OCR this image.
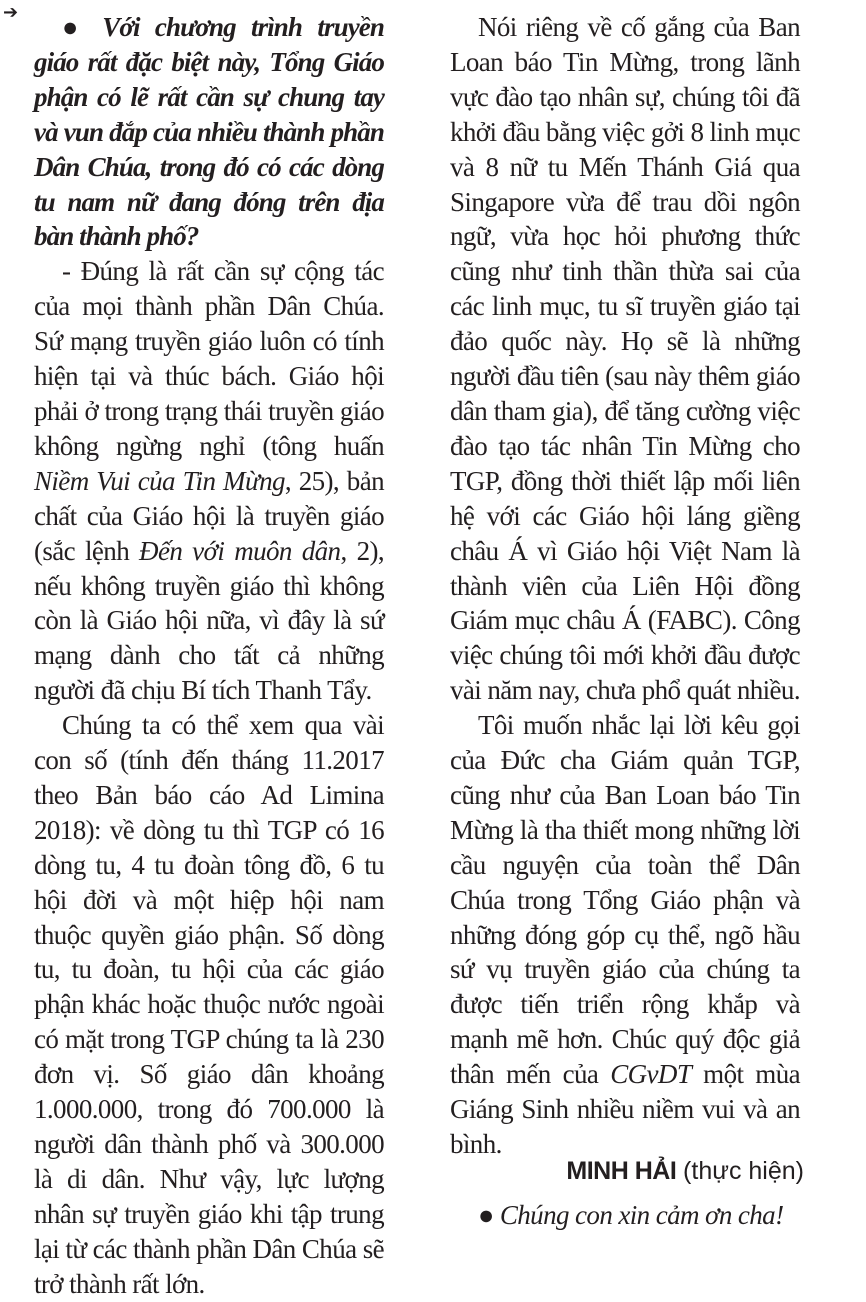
➔	● Với chương trình truyền giáo rất đặc biệt này, Tổng Giáo phận có lẽ rất cần sự chung tay và vun đắp của nhiều thành phần Dân Chúa, trong đó có các dòng tu nam nữ đang đóng trên địa bàn thành phố?

- Đúng là rất cần sự cộng tác của mọi thành phần Dân Chúa. Sứ mạng truyền giáo luôn có tính hiện tại và thúc bách. Giáo hội phải ở trong trạng thái truyền giáo không ngừng nghỉ (tông huấn Niềm Vui của Tin Mừng, 25), bản chất của Giáo hội là truyền giáo (sắc lệnh Đến với muôn dân, 2), nếu không truyền giáo thì không còn là Giáo hội nữa, vì đây là sứ mạng dành cho tất cả những người đã chịu Bí tích Thanh Tẩy.

Chúng ta có thể xem qua vài con số (tính đến tháng 11.2017 theo Bản báo cáo Ad Limina 2018): về dòng tu thì TGP có 16 dòng tu, 4 tu đoàn tông đồ, 6 tu hội đời và một hiệp hội nam thuộc quyền giáo phận. Số dòng tu, tu đoàn, tu hội của các giáo phận khác hoặc thuộc nước ngoài có mặt trong TGP chúng ta là 230 đơn vị. Số giáo dân khoảng 1.000.000, trong đó 700.000 là người dân thành phố và 300.000 là di dân. Như vậy, lực lượng nhân sự truyền giáo khi tập trung lại từ các thành phần Dân Chúa sẽ trở thành rất lớn.

Nói riêng về cố gắng của Ban Loan báo Tin Mừng, trong lãnh vực đào tạo nhân sự, chúng tôi đã khởi đầu bằng việc gởi 8 linh mục và 8 nữ tu Mến Thánh Giá qua Singapore vừa để trau dồi ngôn ngữ, vừa học hỏi phương thức cũng như tinh thần thừa sai của các linh mục, tu sĩ truyền giáo tại đảo quốc này. Họ sẽ là những người đầu tiên (sau này thêm giáo dân tham gia), để tăng cường việc đào tạo tác nhân Tin Mừng cho TGP, đồng thời thiết lập mối liên hệ với các Giáo hội láng giềng châu Á vì Giáo hội Việt Nam là thành viên của Liên Hội đồng Giám mục châu Á (FABC). Công việc chúng tôi mới khởi đầu được vài năm nay, chưa phổ quát nhiều.

Tôi muốn nhắc lại lời kêu gọi của Đức cha Giám quản TGP, cũng như của Ban Loan báo Tin Mừng là tha thiết mong những lời cầu nguyện của toàn thể Dân Chúa trong Tổng Giáo phận và những đóng góp cụ thể, ngõ hầu sứ vụ truyền giáo của chúng ta được tiến triển rộng khắp và mạnh mẽ hơn. Chúc quý độc giả thân mến của CGvDT một mùa Giáng Sinh nhiều niềm vui và an bình.

● Chúng con xin cảm ơn cha!

MINH HẢI (thực hiện)
